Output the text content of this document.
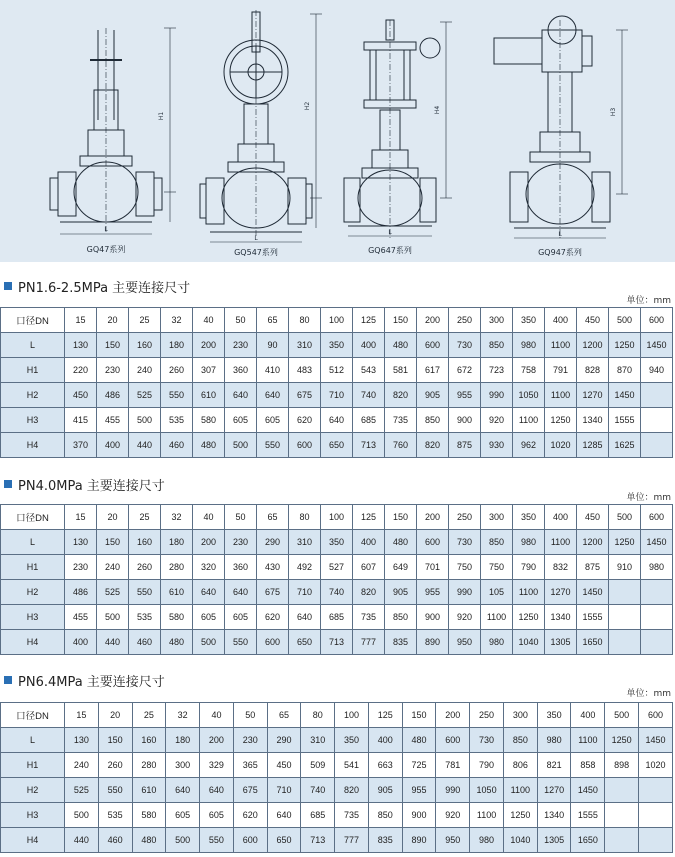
L
L
L	L
H1
H2	H4	H3
GQ47系列	GQ547系列	GQ647系列	GQ947系列
PN1.6-2.5MPa 主要连接尺寸
单位：mm
口径DN	15	20	25	32	40	50	65	80	100	125	150	200	250	300	350	400	450	500	600
L	130	150	160	180	200	230	90	310	350	400	480	600	730	850	980	1100	1200	1250	1450
H1	220	230	240	260	307	360	410	483	512	543	581	617	672	723	758	791	828	870	940
H2	450	486	525	550	610	640	640	675	710	740	820	905	955	990	1050	1100	1270	1450	
H3	415	455	500	535	580	605	605	620	640	685	735	850	900	920	1100	1250	1340	1555	
H4	370	400	440	460	480	500	550	600	650	713	760	820	875	930	962	1020	1285	1625	
PN4.0MPa 主要连接尺寸
单位：mm
口径DN	15	20	25	32	40	50	65	80	100	125	150	200	250	300	350	400	450	500	600
L	130	150	160	180	200	230	290	310	350	400	480	600	730	850	980	1100	1200	1250	1450
H1	230	240	260	280	320	360	430	492	527	607	649	701	750	750	790	832	875	910	980
H2	486	525	550	610	640	640	675	710	740	820	905	955	990	105	1100	1270	1450		
H3	455	500	535	580	605	605	620	640	685	735	850	900	920	1100	1250	1340	1555		
H4	400	440	460	480	500	550	600	650	713	777	835	890	950	980	1040	1305	1650		
PN6.4MPa 主要连接尺寸
单位：mm
口径DN	15	20	25	32	40	50	65	80	100	125	150	200	250	300	350	400	500	600
L	130	150	160	180	200	230	290	310	350	400	480	600	730	850	980	1100	1250	1450
H1	240	260	280	300	329	365	450	509	541	663	725	781	790	806	821	858	898	1020
H2	525	550	610	640	640	675	710	740	820	905	955	990	1050	1100	1270	1450		
H3	500	535	580	605	605	620	640	685	735	850	900	920	1100	1250	1340	1555		
H4	440	460	480	500	550	600	650	713	777	835	890	950	980	1040	1305	1650		
